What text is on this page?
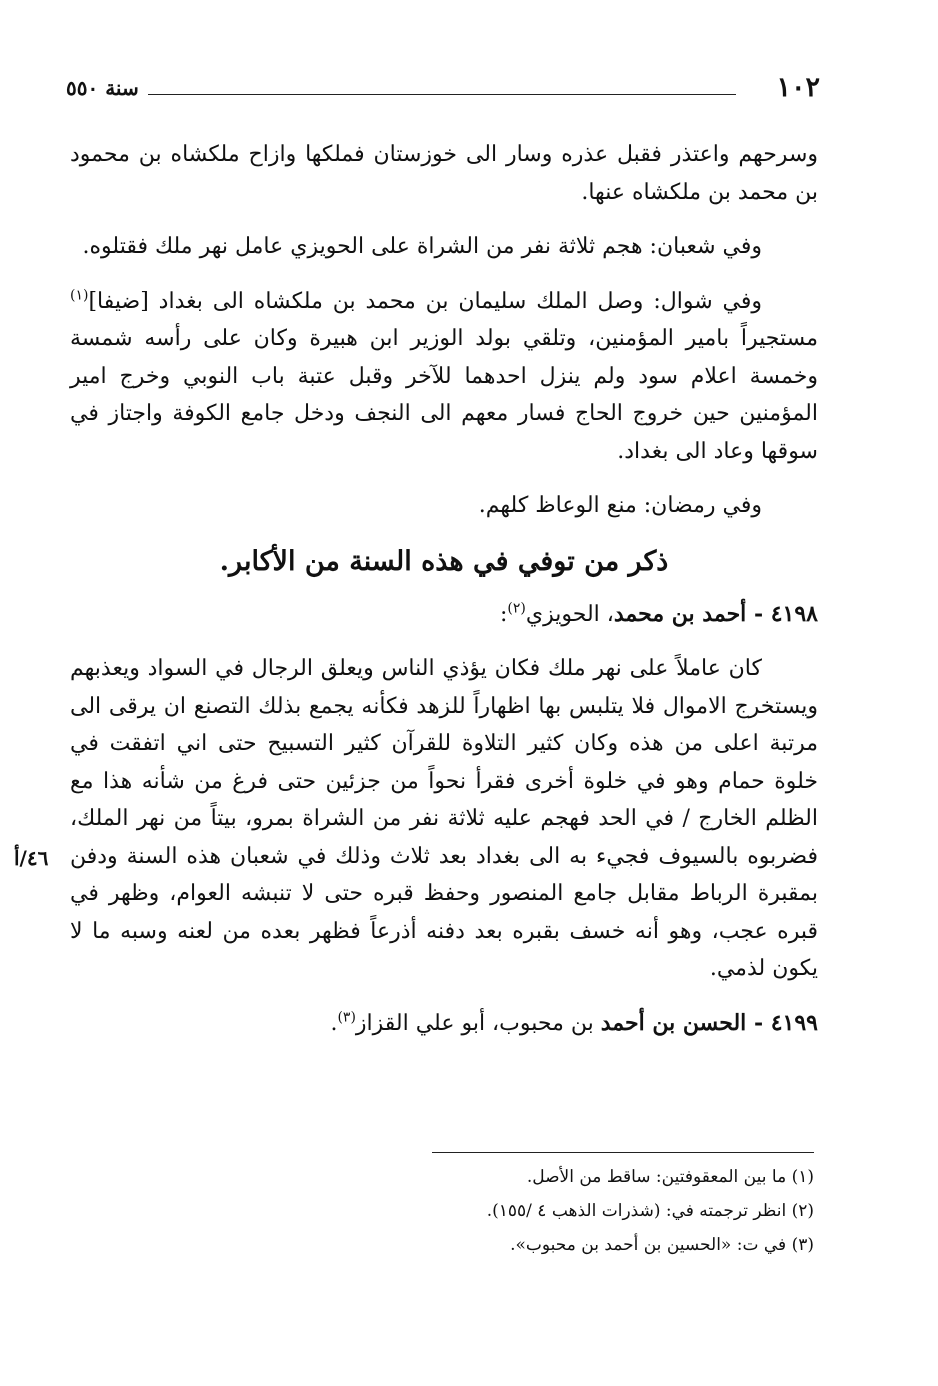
١٠٢
سنة ٥٥٠

وسرحهم واعتذر فقبل عذره وسار الى خوزستان فملكها وازاح ملكشاه بن محمود بن محمد بن ملكشاه عنها.

وفي شعبان: هجم ثلاثة نفر من الشراة على الحويزي عامل نهر ملك فقتلوه.

وفي شوال: وصل الملك سليمان بن محمد بن ملكشاه الى بغداد [ضيفا]$^{(١)}$ مستجيراً بامير المؤمنين، وتلقي بولد الوزير ابن هبيرة وكان على رأسه شمسة وخمسة اعلام سود ولم ينزل احدهما للآخر وقبل عتبة باب النوبي وخرج امير المؤمنين حين خروج الحاج فسار معهم الى النجف ودخل جامع الكوفة واجتاز في سوقها وعاد الى بغداد.

وفي رمضان: منع الوعاظ كلهم.

ذكر من توفي في هذه السنة من الأكابر.

٤١٩٨ - أحمد بن محمد، الحويزي$^{(٢)}$:

كان عاملاً على نهر ملك فكان يؤذي الناس ويعلق الرجال في السواد ويعذبهم ويستخرج الاموال فلا يتلبس بها اظهاراً للزهد فكأنه يجمع بذلك التصنع ان يرقى الى مرتبة اعلى من هذه وكان كثير التلاوة للقرآن كثير التسبيح حتى اني اتفقت في خلوة حمام وهو في خلوة أخرى فقرأ نحواً من جزئين حتى فرغ من شأنه هذا مع الظلم الخارج / في الحد فهجم عليه ثلاثة نفر من الشراة بمرو، بيتاً من نهر الملك، فضربوه بالسيوف فجيء به الى بغداد بعد ثلاث وذلك في شعبان هذه السنة ودفن بمقبرة الرباط مقابل جامع المنصور وحفظ قبره حتى لا تنبشه العوام، وظهر في قبره عجب، وهو أنه خسف بقبره بعد دفنه أذرعاً فظهر بعده من لعنه وسبه ما لا يكون لذمي.

٤١٩٩ - الحسن بن أحمد بن محبوب، أبو علي القزاز$^{(٣)}$.

٤٦/أ
(١) ما بين المعقوفتين: ساقط من الأصل.
(٢) انظر ترجمته في: (شذرات الذهب ٤ /١٥٥).
(٣) في ت: «الحسين بن أحمد بن محبوب».
